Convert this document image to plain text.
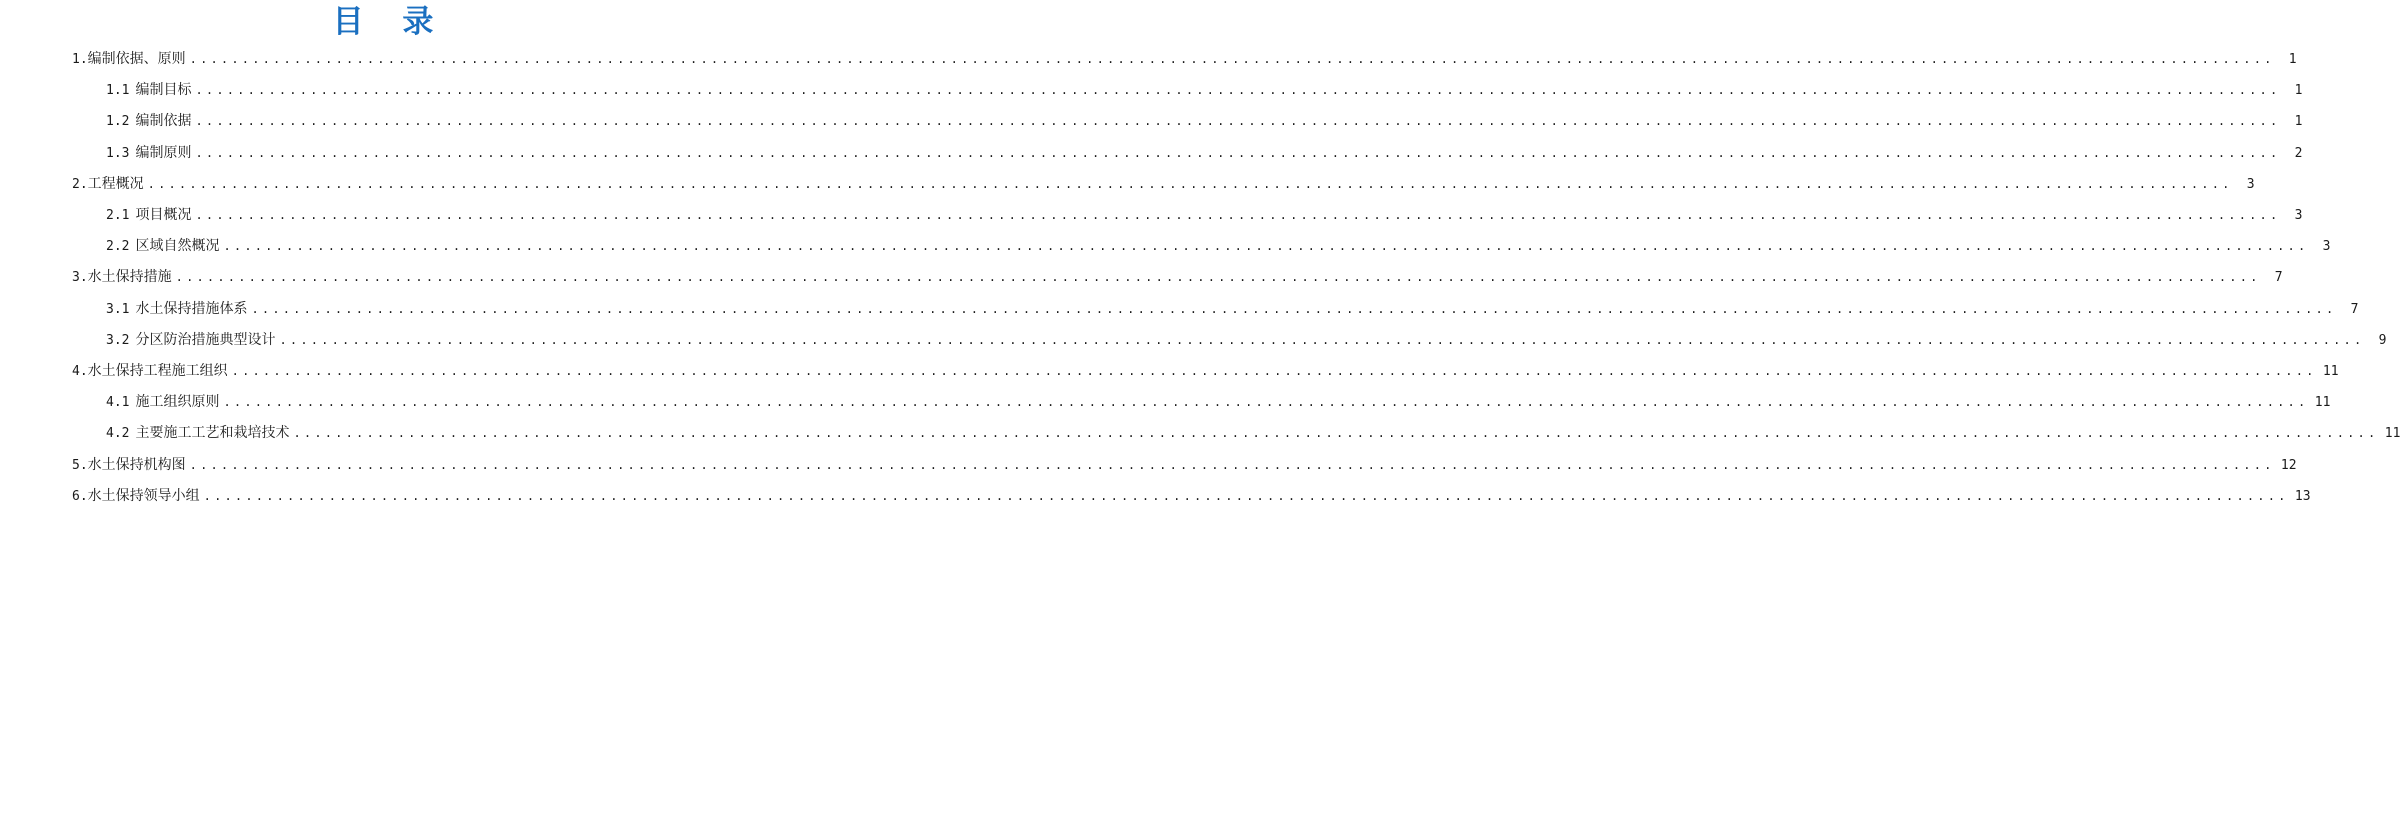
目 录
1.编制依据、原则 ........................................................................................................................................................................................................	1
1.1 编制目标 ........................................................................................................................................................................................................	1
1.2 编制依据 ........................................................................................................................................................................................................	1
1.3 编制原则 ........................................................................................................................................................................................................	2
2.工程概况 ........................................................................................................................................................................................................	3
2.1 项目概况 ........................................................................................................................................................................................................	3
2.2 区域自然概况 ........................................................................................................................................................................................................	3
3.水土保持措施 ........................................................................................................................................................................................................	7
3.1 水土保持措施体系 ........................................................................................................................................................................................................	7
3.2 分区防治措施典型设计 ........................................................................................................................................................................................................	9
4.水土保持工程施工组织 ........................................................................................................................................................................................................ 11
4.1 施工组织原则 ........................................................................................................................................................................................................ 11
4.2 主要施工工艺和栽培技术 ........................................................................................................................................................................................................ 11
5.水土保持机构图 ........................................................................................................................................................................................................ 12
6.水土保持领导小组 ........................................................................................................................................................................................................ 13
